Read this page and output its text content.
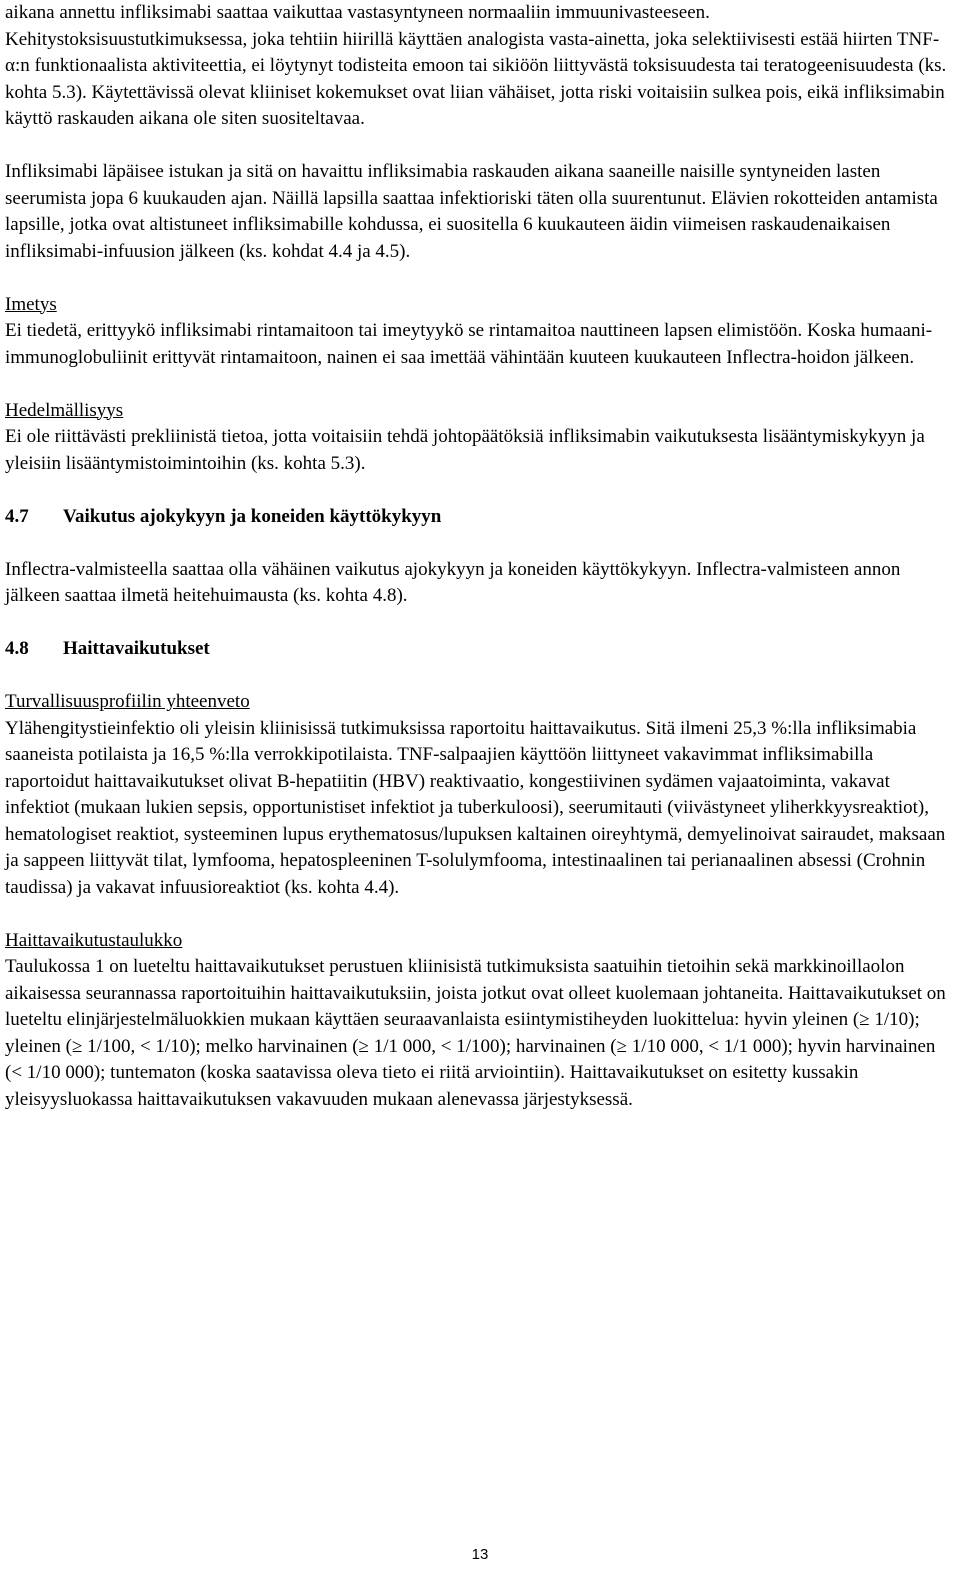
aikana annettu infliksimabi saattaa vaikuttaa vastasyntyneen normaaliin immuunivasteeseen. Kehitystoksisuustutkimuksessa, joka tehtiin hiirillä käyttäen analogista vasta-ainetta, joka selektiivisesti estää hiirten TNF-α:n funktionaalista aktiviteettia, ei löytynyt todisteita emoon tai sikiöön liittyvästä toksisuudesta tai teratogeenisuudesta (ks. kohta 5.3). Käytettävissä olevat kliiniset kokemukset ovat liian vähäiset, jotta riski voitaisiin sulkea pois, eikä infliksimabin käyttö raskauden aikana ole siten suositeltavaa.

Infliksimabi läpäisee istukan ja sitä on havaittu infliksimabia raskauden aikana saaneille naisille syntyneiden lasten seerumista jopa 6 kuukauden ajan. Näillä lapsilla saattaa infektioriski täten olla suurentunut. Elävien rokotteiden antamista lapsille, jotka ovat altistuneet infliksimabille kohdussa, ei suositella 6 kuukauteen äidin viimeisen raskaudenaikaisen infliksimabi-infuusion jälkeen (ks. kohdat 4.4 ja 4.5).

Imetys

Ei tiedetä, erittyykö infliksimabi rintamaitoon tai imeytyykö se rintamaitoa nauttineen lapsen elimistöön. Koska humaani-immunoglobuliinit erittyvät rintamaitoon, nainen ei saa imettää vähintään kuuteen kuukauteen Inflectra-hoidon jälkeen.

Hedelmällisyys

Ei ole riittävästi prekliinistä tietoa, jotta voitaisiin tehdä johtopäätöksiä infliksimabin vaikutuksesta lisääntymiskykyyn ja yleisiin lisääntymistoimintoihin (ks. kohta 5.3).

4.7 Vaikutus ajokykyyn ja koneiden käyttökykyyn

Inflectra-valmisteella saattaa olla vähäinen vaikutus ajokykyyn ja koneiden käyttökykyyn. Inflectra-valmisteen annon jälkeen saattaa ilmetä heitehuimausta (ks. kohta 4.8).

4.8 Haittavaikutukset

Turvallisuusprofiilin yhteenveto

Ylähengitystieinfektio oli yleisin kliinisissä tutkimuksissa raportoitu haittavaikutus. Sitä ilmeni 25,3 %:lla infliksimabia saaneista potilaista ja 16,5 %:lla verrokkipotilaista. TNF-salpaajien käyttöön liittyneet vakavimmat infliksimabilla raportoidut haittavaikutukset olivat B-hepatiitin (HBV) reaktivaatio, kongestiivinen sydämen vajaatoiminta, vakavat infektiot (mukaan lukien sepsis, opportunistiset infektiot ja tuberkuloosi), seerumitauti (viivästyneet yliherkkyysreaktiot), hematologiset reaktiot, systeeminen lupus erythematosus/lupuksen kaltainen oireyhtymä, demyelinoivat sairaudet, maksaan ja sappeen liittyvät tilat, lymfooma, hepatospleeninen T-solulymfooma, intestinaalinen tai perianaalinen absessi (Crohnin taudissa) ja vakavat infuusioreaktiot (ks. kohta 4.4).

Haittavaikutustaulukko

Taulukossa 1 on lueteltu haittavaikutukset perustuen kliinisistä tutkimuksista saatuihin tietoihin sekä markkinoillaolon aikaisessa seurannassa raportoituihin haittavaikutuksiin, joista jotkut ovat olleet kuolemaan johtaneita. Haittavaikutukset on lueteltu elinjärjestelmäluokkien mukaan käyttäen seuraavanlaista esiintymistiheyden luokittelua: hyvin yleinen (≥ 1/10); yleinen (≥ 1/100, < 1/10); melko harvinainen (≥ 1/1 000, < 1/100); harvinainen (≥ 1/10 000, < 1/1 000); hyvin harvinainen (< 1/10 000); tuntematon (koska saatavissa oleva tieto ei riitä arviointiin). Haittavaikutukset on esitetty kussakin yleisyysluokassa haittavaikutuksen vakavuuden mukaan alenevassa järjestyksessä.

13
